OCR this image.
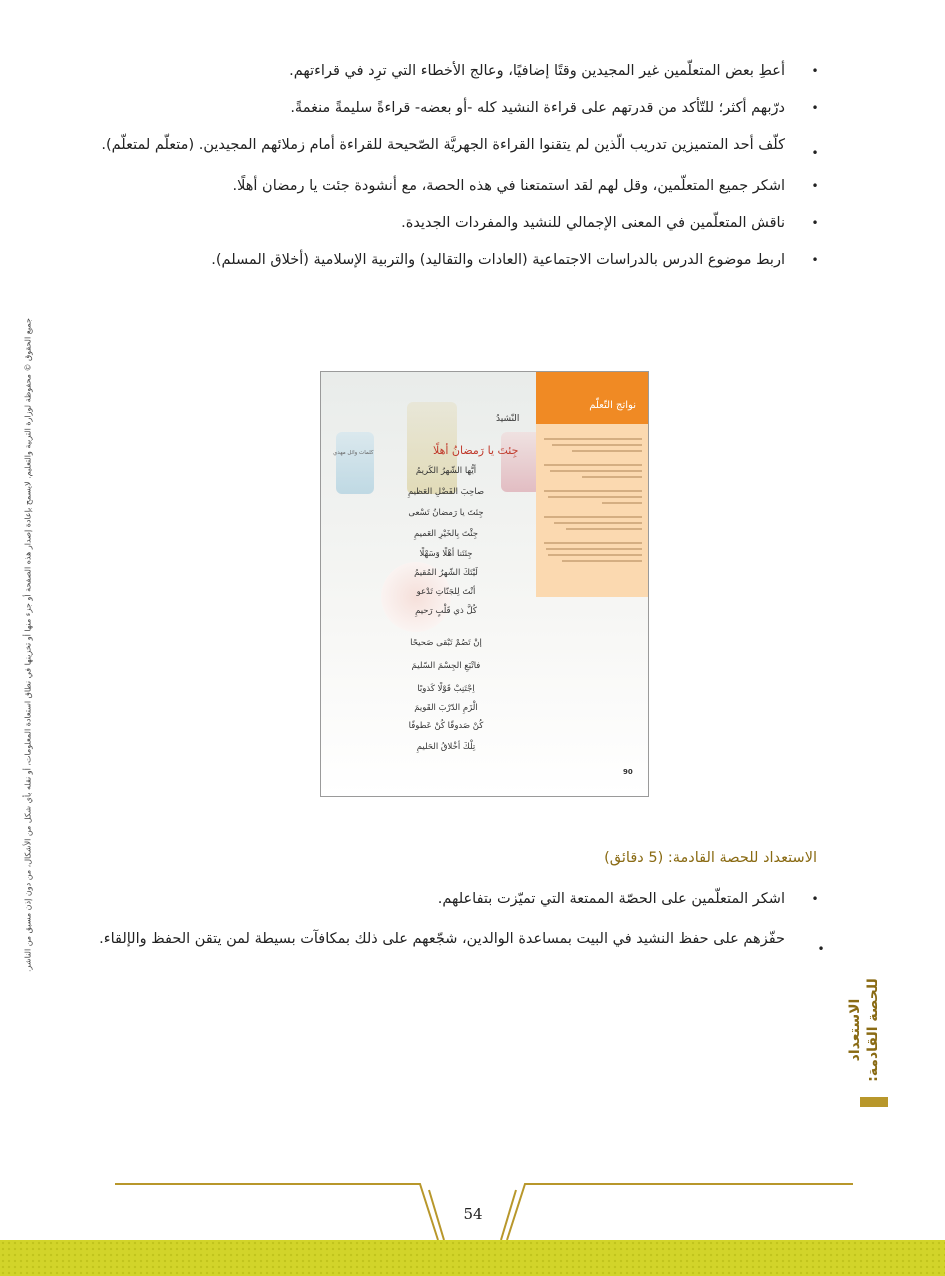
•
أعطِ بعض المتعلّمين غير المجيدين وقتًا إضافيًا، وعالج الأخطاء التي ترِد في قراءتهم.
•
درّبهم أكثر؛ للتّأكد من قدرتهم على قراءة النشيد كله -أو بعضه- قراءةً سليمةً منغمةً.
•
كلّف أحد المتميزين تدريب الّذين لم يتقنوا القراءة الجهريَّة الصّحيحة للقراءة أمام زملائهم المجيدين. (متعلّم لمتعلّم).
•
اشكر جميع المتعلّمين، وقل لهم لقد استمتعنا في هذه الحصة، مع أنشودة جئت يا رمضان أهلًا.
•
ناقش المتعلّمين في المعنى الإجمالي للنشيد والمفردات الجديدة.
•
اربط موضوع الدرس بالدراسات الاجتماعية (العادات والتقاليد) والتربية الإسلامية (أخلاق المسلم).
جميع الحقوق © محفوظة لوزارة التربية والتعليم. لايسمح بإعادة إصدار هذه الصفحة أو جزء منها أو تخزينها في نطاق استعادة المعلومات، أو نقله بأي شكل من الأشكال، من دون إذن مسبق من الناشر.	نواتج التّعلّم
النّشيدُ
جِئتَ يا رَمضانُ أهلًا
كلمات وائل مهدي
أيُّها الشّهرُ الكَريمُ
صاحِبَ الفَضْلِ العَظيمِ
جِئتَ يا رَمضانُ تَسْعى
جِئْتَ بِالخَيْرِ العَميمِ
جِئتَنا أهْلًا وَسَهْلًا
لَيْتَكَ الشّهرُ المُقيمُ
أنْتَ لِلجَنّاتِ تَدْعو
كُلَّ ذي قَلْبٍ رَحيمِ
إنْ تَصُمْ تَبْقى صَحيحًا
فاتْبَعِ الجِسْمَ السّليمَ
اِجْتَنِبْ قَوْلًا كَذوبًا
الْزَمِ الدّرْبَ القَويمَ
كُنْ صَدوقًا كُنْ عَطوفًا
تِلْكَ أخْلاقُ الحَليمِ
90
الاستعداد للحصة القادمة: (5 دقائق)
•
اشكر المتعلّمين على الحصّة الممتعة التي تميّزت بتفاعلهم.
•
حفّزهم على حفظ النشيد في البيت بمساعدة الوالدين، شجّعهم على ذلك بمكافآت بسيطة لمن يتقن الحفظ والإلقاء.
الاستعداد للحصة القادمة:
54
